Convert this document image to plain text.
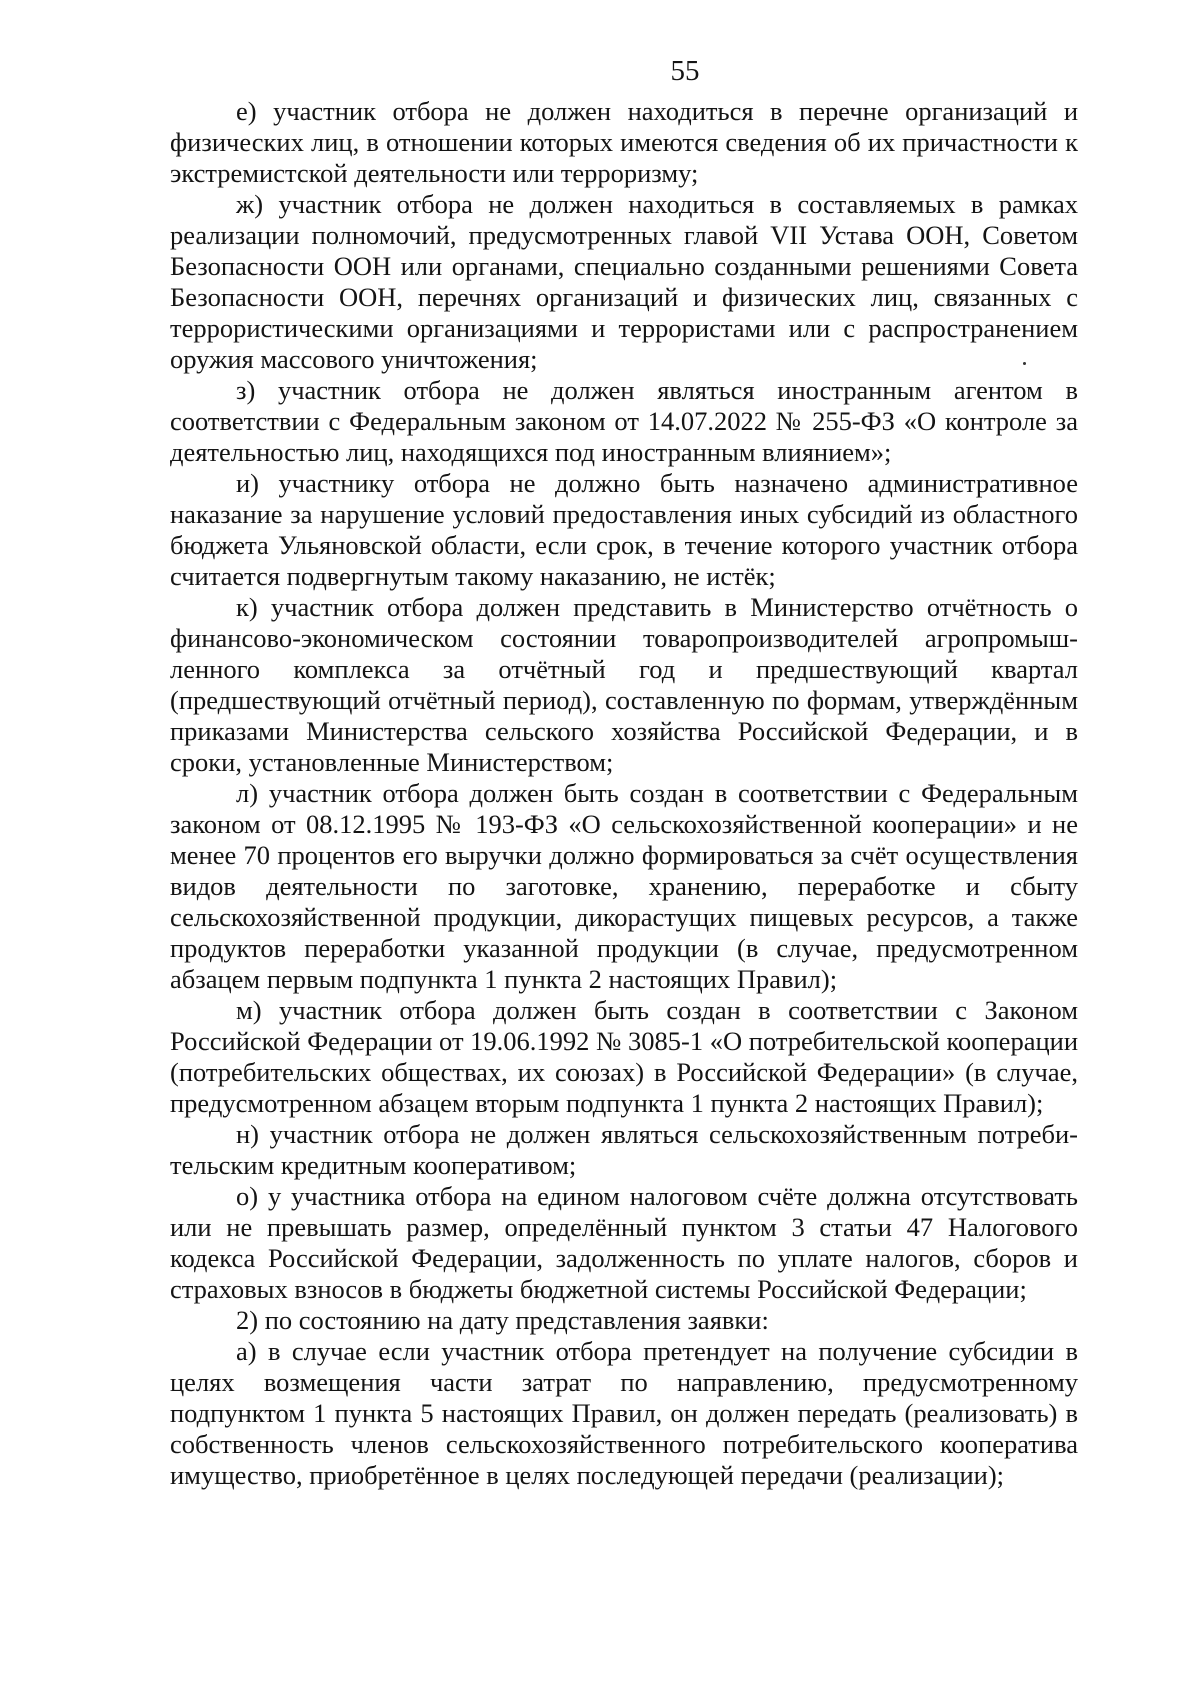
55

е) участник отбора не должен находиться в перечне организаций и физических лиц, в отношении которых имеются сведения об их причастности к экстремистской деятельности или терроризму;

ж) участник отбора не должен находиться в составляемых в рамках реализации полномочий, предусмотренных главой VII Устава ООН, Советом Безопасности ООН или органами, специально созданными решениями Совета Безопасности ООН, перечнях организаций и физических лиц, связанных с террористическими организациями и террористами или с распространением оружия массового уничтожения;

з) участник отбора не должен являться иностранным агентом в соответствии с Федеральным законом от 14.07.2022 № 255-ФЗ «О контроле за деятельностью лиц, находящихся под иностранным влиянием»;

и) участнику отбора не должно быть назначено административное наказание за нарушение условий предоставления иных субсидий из областного бюджета Ульяновской области, если срок, в течение которого участник отбора считается подвергнутым такому наказанию, не истёк;

к) участник отбора должен представить в Министерство отчётность о финансово-экономическом состоянии товаропроизводителей агропромышленного комплекса за отчётный год и предшествующий квартал (предшествующий отчётный период), составленную по формам, утверждённым приказами Министерства сельского хозяйства Российской Федерации, и в сроки, установленные Министерством;

л) участник отбора должен быть создан в соответствии с Федеральным законом от 08.12.1995 № 193-ФЗ «О сельскохозяйственной кооперации» и не менее 70 процентов его выручки должно формироваться за счёт осуществления видов деятельности по заготовке, хранению, переработке и сбыту сельскохозяйственной продукции, дикорастущих пищевых ресурсов, а также продуктов переработки указанной продукции (в случае, предусмотренном абзацем первым подпункта 1 пункта 2 настоящих Правил);

м) участник отбора должен быть создан в соответствии с Законом Российской Федерации от 19.06.1992 № 3085-1 «О потребительской кооперации (потребительских обществах, их союзах) в Российской Федерации» (в случае, предусмотренном абзацем вторым подпункта 1 пункта 2 настоящих Правил);

н) участник отбора не должен являться сельскохозяйственным потребительским кредитным кооперативом;

о) у участника отбора на едином налоговом счёте должна отсутствовать или не превышать размер, определённый пунктом 3 статьи 47 Налогового кодекса Российской Федерации, задолженность по уплате налогов, сборов и страховых взносов в бюджеты бюджетной системы Российской Федерации;

2) по состоянию на дату представления заявки:

а) в случае если участник отбора претендует на получение субсидии в целях возмещения части затрат по направлению, предусмотренному подпунктом 1 пункта 5 настоящих Правил, он должен передать (реализовать) в собственность членов сельскохозяйственного потребительского кооператива имущество, приобретённое в целях последующей передачи (реализации);
